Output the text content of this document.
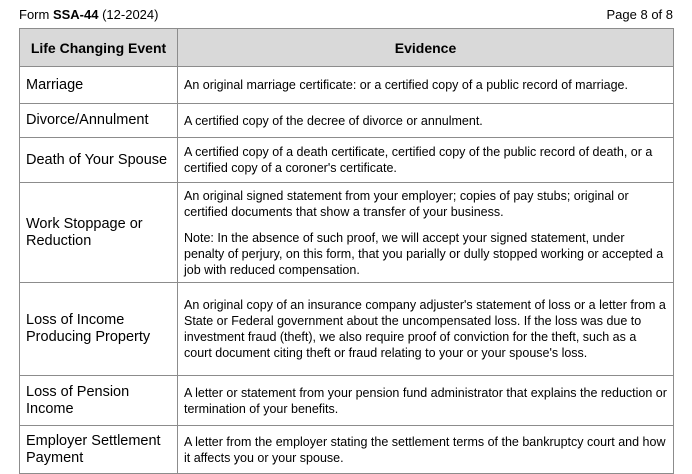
Form SSA-44 (12-2024)	Page 8 of 8
Life Changing Event	Evidence
Marriage	An original marriage certificate: or a certified copy of a public record of marriage.

Divorce/Annulment	A certified copy of the decree of divorce or annulment.

Death of Your Spouse	A certified copy of a death certificate, certified copy of the public record of death, or a certified copy of a coroner's certificate.

Work Stoppage or Reduction	An original signed statement from your employer; copies of pay stubs; original or certified documents that show a transfer of your business.

Note: In the absence of such proof, we will accept your signed statement, under penalty of perjury, on this form, that you parially or dully stopped working or accepted a job with reduced compensation.

Loss of Income Producing Property	An original copy of an insurance company adjuster's statement of loss or a letter from a State or Federal government about the uncompensated loss. If the loss was due to investment fraud (theft), we also require proof of conviction for the theft, such as a court document citing theft or fraud relating to your or your spouse's loss.

Loss of Pension Income	A letter or statement from your pension fund administrator that explains the reduction or termination of your benefits.

Employer Settlement Payment	A letter from the employer stating the settlement terms of the bankruptcy court and how it affects you or your spouse.
